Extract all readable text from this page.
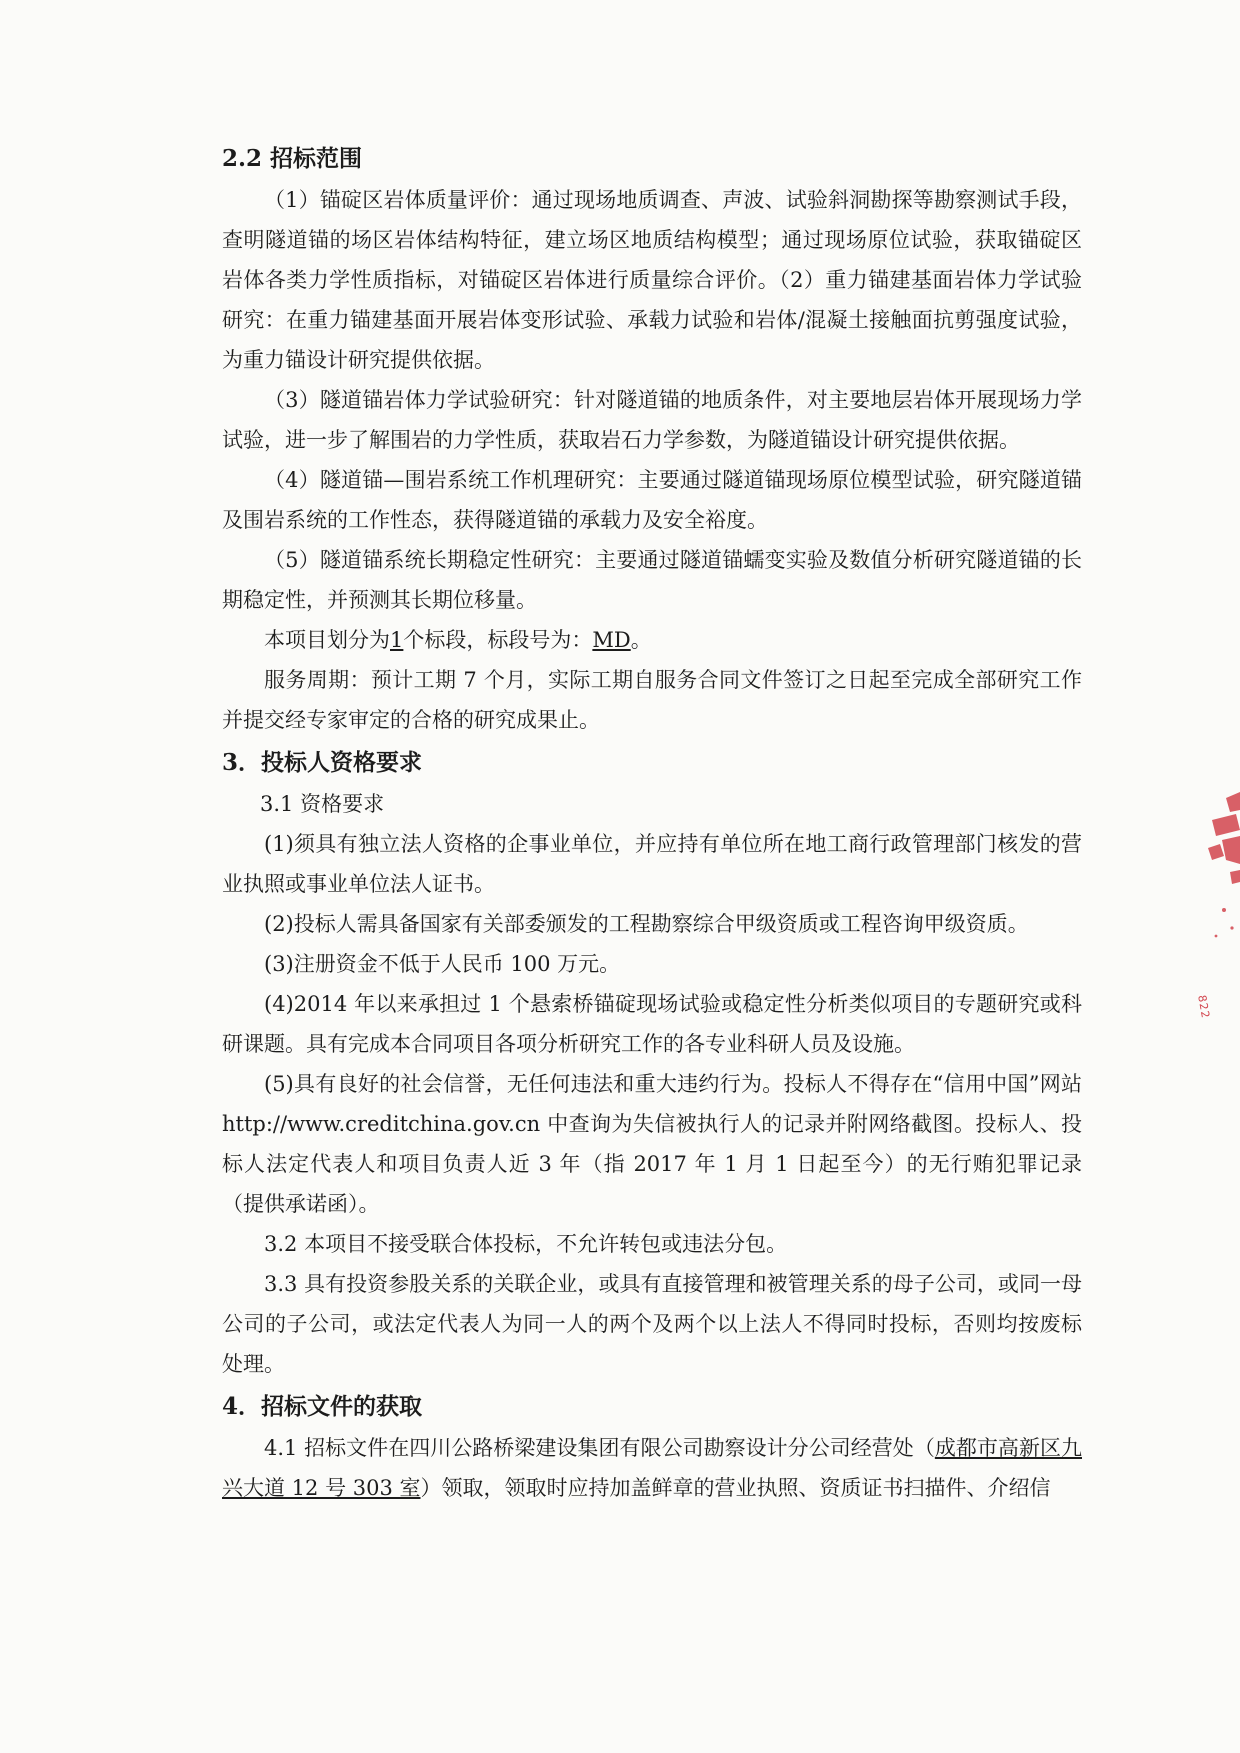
2.2 招标范围

（1）锚碇区岩体质量评价：通过现场地质调查、声波、试验斜洞勘探等勘察测试手段，查明隧道锚的场区岩体结构特征，建立场区地质结构模型；通过现场原位试验，获取锚碇区岩体各类力学性质指标，对锚碇区岩体进行质量综合评价。（2）重力锚建基面岩体力学试验研究：在重力锚建基面开展岩体变形试验、承载力试验和岩体/混凝土接触面抗剪强度试验，为重力锚设计研究提供依据。

（3）隧道锚岩体力学试验研究：针对隧道锚的地质条件，对主要地层岩体开展现场力学试验，进一步了解围岩的力学性质，获取岩石力学参数，为隧道锚设计研究提供依据。

（4）隧道锚—围岩系统工作机理研究：主要通过隧道锚现场原位模型试验，研究隧道锚及围岩系统的工作性态，获得隧道锚的承载力及安全裕度。

（5）隧道锚系统长期稳定性研究：主要通过隧道锚蠕变实验及数值分析研究隧道锚的长期稳定性，并预测其长期位移量。

本项目划分为1个标段，标段号为：MD。

服务周期：预计工期 7 个月，实际工期自服务合同文件签订之日起至完成全部研究工作并提交经专家审定的合格的研究成果止。

3．投标人资格要求

3.1 资格要求

(1)须具有独立法人资格的企事业单位，并应持有单位所在地工商行政管理部门核发的营业执照或事业单位法人证书。

(2)投标人需具备国家有关部委颁发的工程勘察综合甲级资质或工程咨询甲级资质。

(3)注册资金不低于人民币 100 万元。

(4)2014 年以来承担过 1 个悬索桥锚碇现场试验或稳定性分析类似项目的专题研究或科研课题。具有完成本合同项目各项分析研究工作的各专业科研人员及设施。

(5)具有良好的社会信誉，无任何违法和重大违约行为。投标人不得存在“信用中国”网站 http://www.creditchina.gov.cn 中查询为失信被执行人的记录并附网络截图。投标人、投标人法定代表人和项目负责人近 3 年（指 2017 年 1 月 1 日起至今）的无行贿犯罪记录（提供承诺函）。

3.2 本项目不接受联合体投标，不允许转包或违法分包。

3.3 具有投资参股关系的关联企业，或具有直接管理和被管理关系的母子公司，或同一母公司的子公司，或法定代表人为同一人的两个及两个以上法人不得同时投标，否则均按废标处理。

4．招标文件的获取

4.1 招标文件在四川公路桥梁建设集团有限公司勘察设计分公司经营处（成都市高新区九兴大道 12 号 303 室）领取，领取时应持加盖鲜章的营业执照、资质证书扫描件、介绍信

822
